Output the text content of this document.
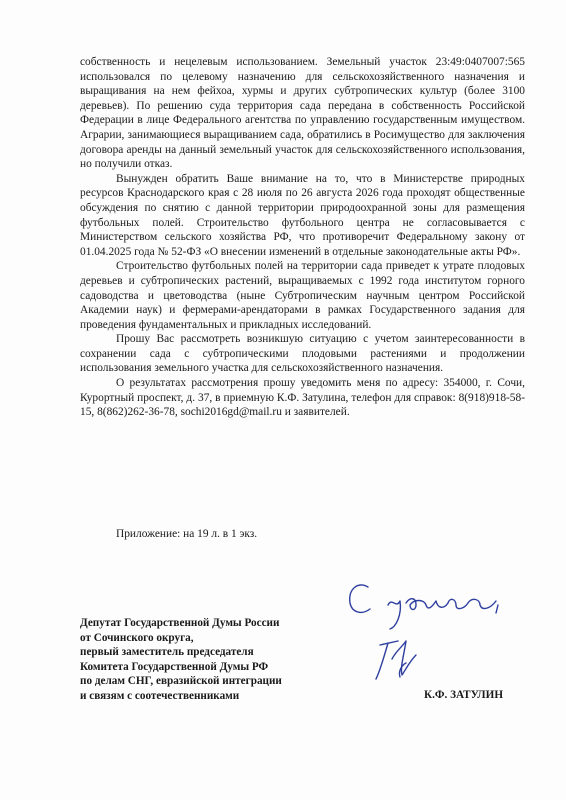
собственность и нецелевым использованием. Земельный участок 23:49:0407007:565 использовался по целевому назначению для сельскохозяйственного назначения и выращивания на нем фейхоа, хурмы и других субтропических культур (более 3100 деревьев). По решению суда территория сада передана в собственность Российской Федерации в лице Федерального агентства по управлению государственным имуществом. Аграрии, занимающиеся выращиванием сада, обратились в Росимущество для заключения договора аренды на данный земельный участок для сельскохозяйственного использования, но получили отказ.

Вынужден обратить Ваше внимание на то, что в Министерстве природных ресурсов Краснодарского края с 28 июля по 26 августа 2026 года проходят общественные обсуждения по снятию с данной территории природоохранной зоны для размещения футбольных полей. Строительство футбольного центра не согласовывается с Министерством сельского хозяйства РФ, что противоречит Федеральному закону от 01.04.2025 года № 52-ФЗ «О внесении изменений в отдельные законодательные акты РФ».

Строительство футбольных полей на территории сада приведет к утрате плодовых деревьев и субтропических растений, выращиваемых с 1992 года институтом горного садоводства и цветоводства (ныне Субтропическим научным центром Российской Академии наук) и фермерами-арендаторами в рамках Государственного задания для проведения фундаментальных и прикладных исследований.

Прошу Вас рассмотреть возникшую ситуацию с учетом заинтересованности в сохранении сада с субтропическими плодовыми растениями и продолжении использования земельного участка для сельскохозяйственного назначения.

О результатах рассмотрения прошу уведомить меня по адресу: 354000, г. Сочи, Курортный проспект, д. 37, в приемную К.Ф. Затулина, телефон для справок: 8(918)918-58-15, 8(862)262-36-78, sochi2016gd@mail.ru и заявителей.

Приложение: на 19 л. в 1 экз.
Депутат Государственной Думы России
от Сочинского округа,
первый заместитель председателя
Комитета Государственной Думы РФ
по делам СНГ, евразийской интеграции
и связям с соотечественниками	К.Ф. ЗАТУЛИН
